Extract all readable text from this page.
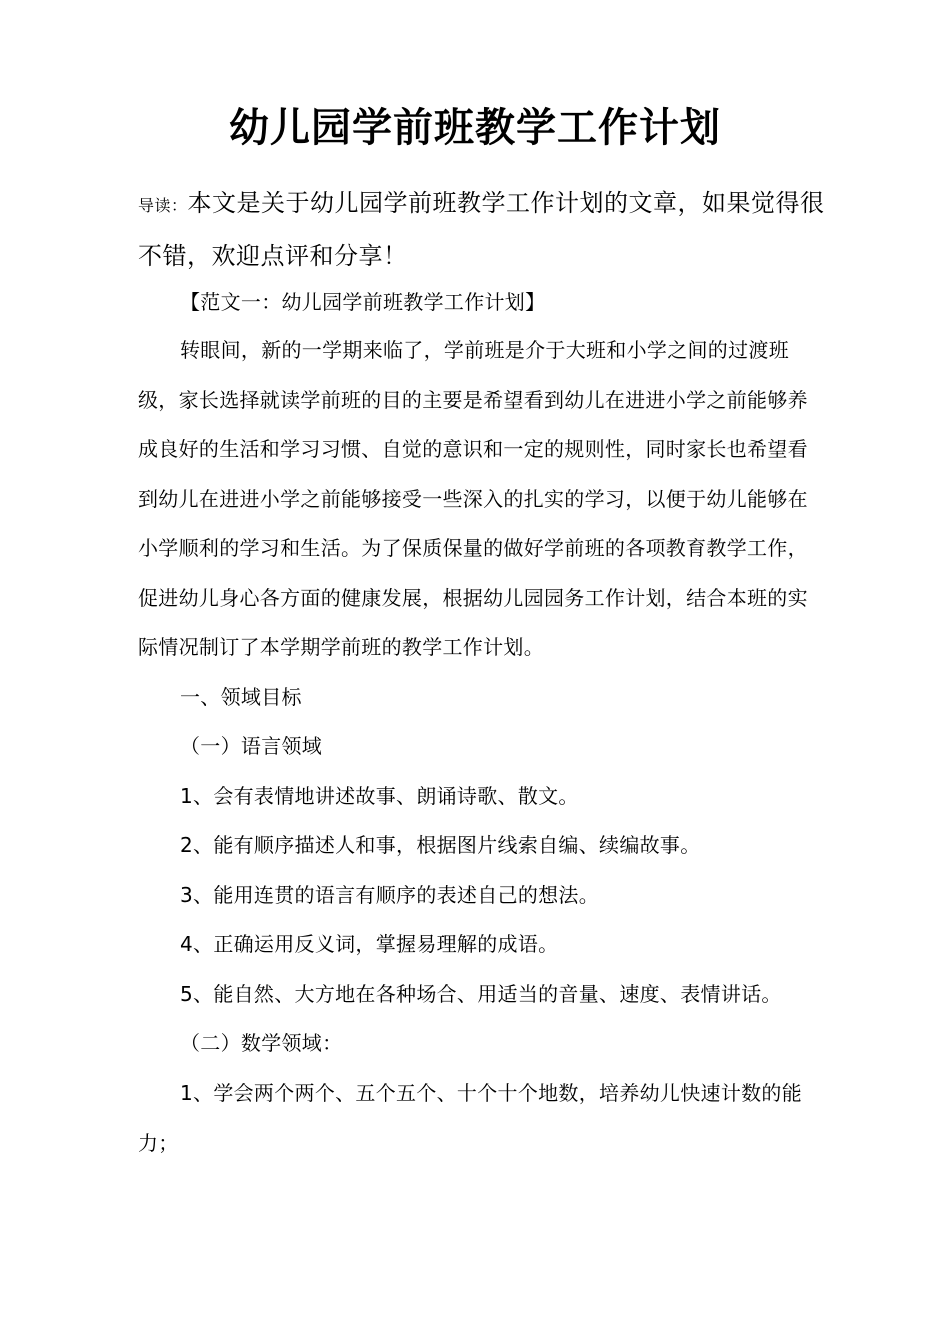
幼儿园学前班教学工作计划

导读：本文是关于幼儿园学前班教学工作计划的文章，如果觉得很不错，欢迎点评和分享！

【范文一：幼儿园学前班教学工作计划】

转眼间，新的一学期来临了，学前班是介于大班和小学之间的过渡班级，家长选择就读学前班的目的主要是希望看到幼儿在进进小学之前能够养成良好的生活和学习习惯、自觉的意识和一定的规则性，同时家长也希望看到幼儿在进进小学之前能够接受一些深入的扎实的学习，以便于幼儿能够在小学顺利的学习和生活。为了保质保量的做好学前班的各项教育教学工作，促进幼儿身心各方面的健康发展，根据幼儿园园务工作计划，结合本班的实际情况制订了本学期学前班的教学工作计划。

一、领域目标

（一）语言领域

1、会有表情地讲述故事、朗诵诗歌、散文。

2、能有顺序描述人和事，根据图片线索自编、续编故事。

3、能用连贯的语言有顺序的表述自己的想法。

4、正确运用反义词，掌握易理解的成语。

5、能自然、大方地在各种场合、用适当的音量、速度、表情讲话。

（二）数学领域：

1、学会两个两个、五个五个、十个十个地数，培养幼儿快速计数的能力；
